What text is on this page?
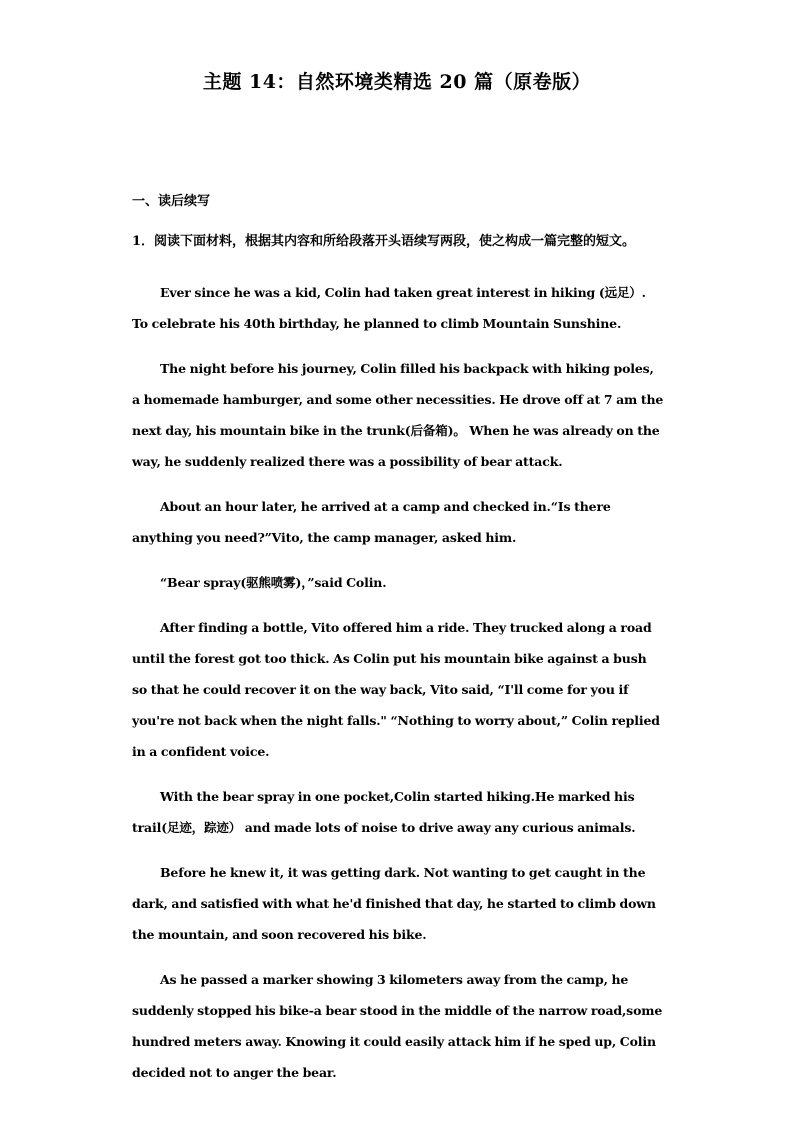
主题 14：自然环境类精选 20 篇（原卷版）
一、读后续写
1．阅读下面材料，根据其内容和所给段落开头语续写两段，使之构成一篇完整的短文。

Ever since he was a kid, Colin had taken great interest in hiking (远足）. To celebrate his 40th birthday, he planned to climb Mountain Sunshine.

The night before his journey, Colin filled his backpack with hiking poles, a homemade hamburger, and some other necessities. He drove off at 7 am the next day, his mountain bike in the trunk(后备箱)。 When he was already on the way, he suddenly realized there was a possibility of bear attack.

About an hour later, he arrived at a camp and checked in.“Is there anything you need?”Vito, the camp manager, asked him.

“Bear spray(驱熊喷雾)，”said Colin.

After finding a bottle, Vito offered him a ride. They trucked along a road until the forest got too thick. As Colin put his mountain bike against a bush so that he could recover it on the way back, Vito said, “I'll come for you if you're not back when the night falls." “Nothing to worry about,” Colin replied in a confident voice.

With the bear spray in one pocket,Colin started hiking.He marked his trail(足迹，踪迹） and made lots of noise to drive away any curious animals.

Before he knew it, it was getting dark. Not wanting to get caught in the dark, and satisfied with what he'd finished that day, he started to climb down the mountain, and soon recovered his bike.

As he passed a marker showing 3 kilometers away from the camp, he suddenly stopped his bike-a bear stood in the middle of the narrow road,some hundred meters away. Knowing it could easily attack him if he sped up, Colin decided not to anger the bear.
